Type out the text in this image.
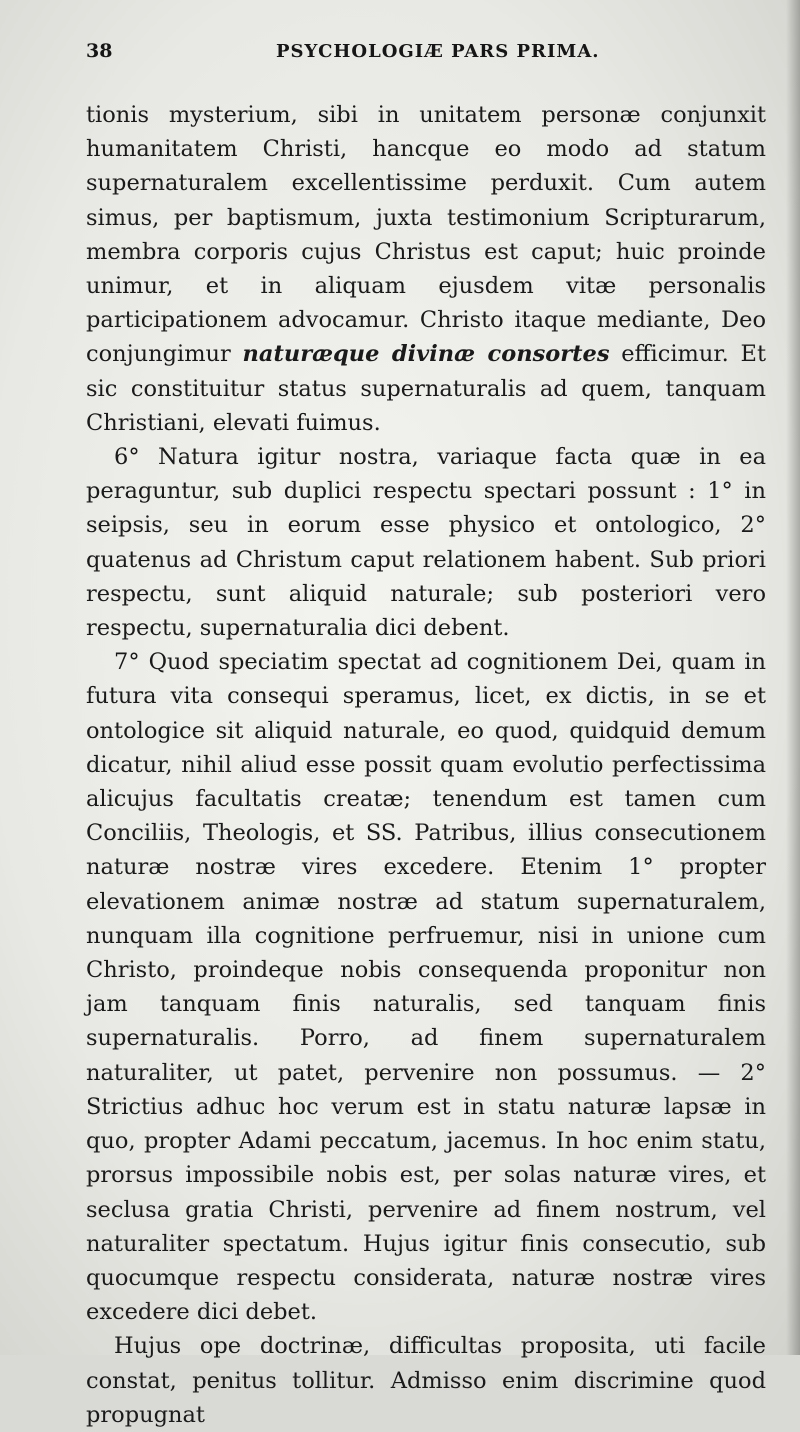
38	PSYCHOLOGIÆ PARS PRIMA.

tionis mysterium, sibi in unitatem personæ conjunxit humanitatem Christi, hancque eo modo ad statum supernaturalem excellentissime perduxit. Cum autem simus, per baptismum, juxta testimonium Scripturarum, membra corporis cujus Christus est caput; huic proinde unimur, et in aliquam ejusdem vitæ personalis participationem advocamur. Christo itaque mediante, Deo conjungimur naturæque divinæ consortes efficimur. Et sic constituitur status supernaturalis ad quem, tanquam Christiani, elevati fuimus.

6° Natura igitur nostra, variaque facta quæ in ea peraguntur, sub duplici respectu spectari possunt : 1° in seipsis, seu in eorum esse physico et ontologico, 2° quatenus ad Christum caput relationem habent. Sub priori respectu, sunt aliquid naturale; sub posteriori vero respectu, supernaturalia dici debent.

7° Quod speciatim spectat ad cognitionem Dei, quam in futura vita consequi speramus, licet, ex dictis, in se et ontologice sit aliquid naturale, eo quod, quidquid demum dicatur, nihil aliud esse possit quam evolutio perfectissima alicujus facultatis creatæ; tenendum est tamen cum Conciliis, Theologis, et SS. Patribus, illius consecutionem naturæ nostræ vires excedere. Etenim 1° propter elevationem animæ nostræ ad statum supernaturalem, nunquam illa cognitione perfruemur, nisi in unione cum Christo, proindeque nobis consequenda proponitur non jam tanquam finis naturalis, sed tanquam finis supernaturalis. Porro, ad finem supernaturalem naturaliter, ut patet, pervenire non possumus. — 2° Strictius adhuc hoc verum est in statu naturæ lapsæ in quo, propter Adami peccatum, jacemus. In hoc enim statu, prorsus impossibile nobis est, per solas naturæ vires, et seclusa gratia Christi, pervenire ad finem nostrum, vel naturaliter spectatum. Hujus igitur finis consecutio, sub quocumque respectu considerata, naturæ nostræ vires excedere dici debet.

Hujus ope doctrinæ, difficultas proposita, uti facile constat, penitus tollitur. Admisso enim discrimine quod propugnat
